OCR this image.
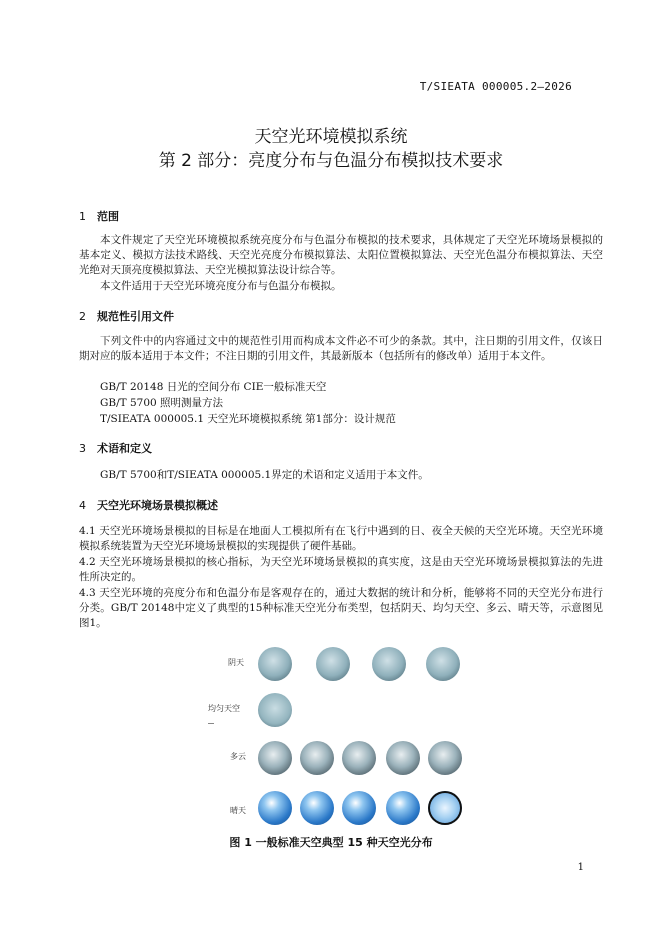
T/SIEATA 000005.2—2026
天空光环境模拟系统
第 2 部分：亮度分布与色温分布模拟技术要求
1 范围
本文件规定了天空光环境模拟系统亮度分布与色温分布模拟的技术要求，具体规定了天空光环境场景模拟的基本定义、模拟方法技术路线、天空光亮度分布模拟算法、太阳位置模拟算法、天空光色温分布模拟算法、天空光绝对天顶亮度模拟算法、天空光模拟算法设计综合等。
本文件适用于天空光环境亮度分布与色温分布模拟。
2 规范性引用文件
下列文件中的内容通过文中的规范性引用而构成本文件必不可少的条款。其中，注日期的引用文件，仅该日期对应的版本适用于本文件；不注日期的引用文件，其最新版本（包括所有的修改单）适用于本文件。
GB/T 20148 日光的空间分布 CIE一般标准天空
GB/T 5700 照明测量方法
T/SIEATA 000005.1 天空光环境模拟系统 第1部分：设计规范
3 术语和定义
GB/T 5700和T/SIEATA 000005.1界定的术语和定义适用于本文件。
4 天空光环境场景模拟概述
4.1 天空光环境场景模拟的目标是在地面人工模拟所有在飞行中遇到的日、夜全天候的天空光环境。天空光环境模拟系统装置为天空光环境场景模拟的实现提供了硬件基础。
4.2 天空光环境场景模拟的核心指标，为天空光环境场景模拟的真实度，这是由天空光环境场景模拟算法的先进性所决定的。
4.3 天空光环境的亮度分布和色温分布是客观存在的，通过大数据的统计和分析，能够将不同的天空光分布进行分类。GB/T 20148中定义了典型的15种标准天空光分布类型，包括阴天、均匀天空、多云、晴天等，示意图见图1。
阴天
均匀天空
多云
晴天
图 1 一般标准天空典型 15 种天空光分布
1
